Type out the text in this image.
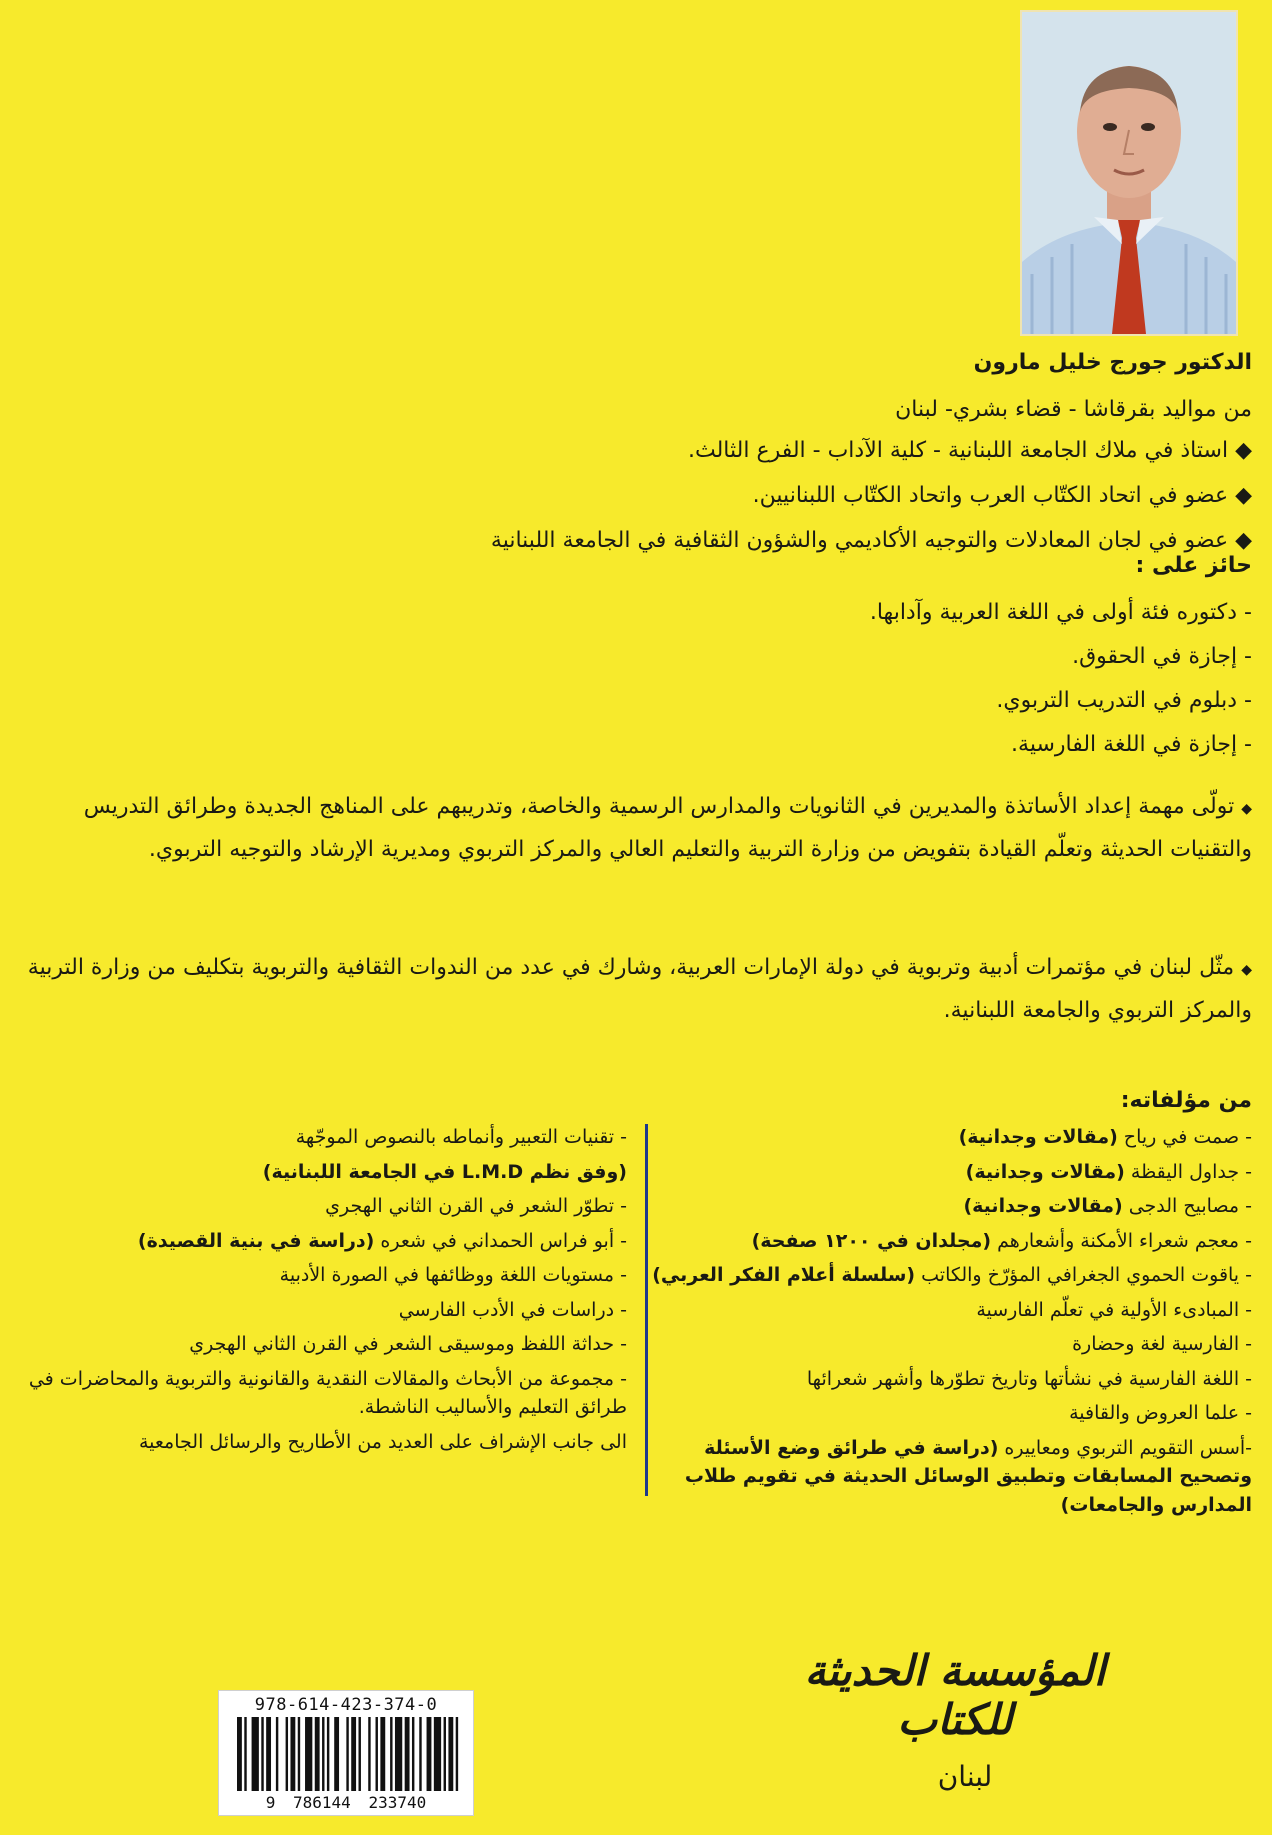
الدكتور جورج خليل مارون
من مواليد بقرقاشا - قضاء بشري- لبنان
◆ استاذ في ملاك الجامعة اللبنانية - كلية الآداب - الفرع الثالث.
◆ عضو في اتحاد الكتّاب العرب واتحاد الكتّاب اللبنانيين.
◆ عضو في لجان المعادلات والتوجيه الأكاديمي والشؤون الثقافية في الجامعة اللبنانية
حائز على :
- دكتوره فئة أولى في اللغة العربية وآدابها.
- إجازة في الحقوق.
- دبلوم في التدريب التربوي.
- إجازة في اللغة الفارسية.
◆ تولّى مهمة إعداد الأساتذة والمديرين في الثانويات والمدارس الرسمية والخاصة، وتدريبهم على المناهج الجديدة وطرائق التدريس والتقنيات الحديثة وتعلّم القيادة بتفويض من وزارة التربية والتعليم العالي والمركز التربوي ومديرية الإرشاد والتوجيه التربوي.
◆ مثّل لبنان في مؤتمرات أدبية وتربوية في دولة الإمارات العربية، وشارك في عدد من الندوات الثقافية والتربوية بتكليف من وزارة التربية والمركز التربوي والجامعة اللبنانية.
من مؤلفاته:
- صمت في رياح (مقالات وجدانية)
- جداول اليقظة (مقالات وجدانية)
- مصابيح الدجى (مقالات وجدانية)
- معجم شعراء الأمكنة وأشعارهم (مجلدان في ١٢٠٠ صفحة)
- ياقوت الحموي الجغرافي المؤرّخ والكاتب (سلسلة أعلام الفكر العربي)
- المبادىء الأولية في تعلّم الفارسية
- الفارسية لغة وحضارة
- اللغة الفارسية في نشأتها وتاريخ تطوّرها وأشهر شعرائها
- علما العروض والقافية
-أسس التقويم التربوي ومعاييره (دراسة في طرائق وضع الأسئلة وتصحيح المسابقات وتطبيق الوسائل الحديثة في تقويم طلاب المدارس والجامعات)
- تقنيات التعبير وأنماطه بالنصوص الموجّهة
(وفق نظم L.M.D في الجامعة اللبنانية)
- تطوّر الشعر في القرن الثاني الهجري
- أبو فراس الحمداني في شعره (دراسة في بنية القصيدة)
- مستويات اللغة ووظائفها في الصورة الأدبية
- دراسات في الأدب الفارسي
- حداثة اللفظ وموسيقى الشعر في القرن الثاني الهجري
- مجموعة من الأبحاث والمقالات النقدية والقانونية والتربوية والمحاضرات في طرائق التعليم والأساليب الناشطة.
الى جانب الإشراف على العديد من الأطاريح والرسائل الجامعية
978-614-423-374-0
9 786144 233740
المؤسسة الحديثة للكتاب
لبنان
